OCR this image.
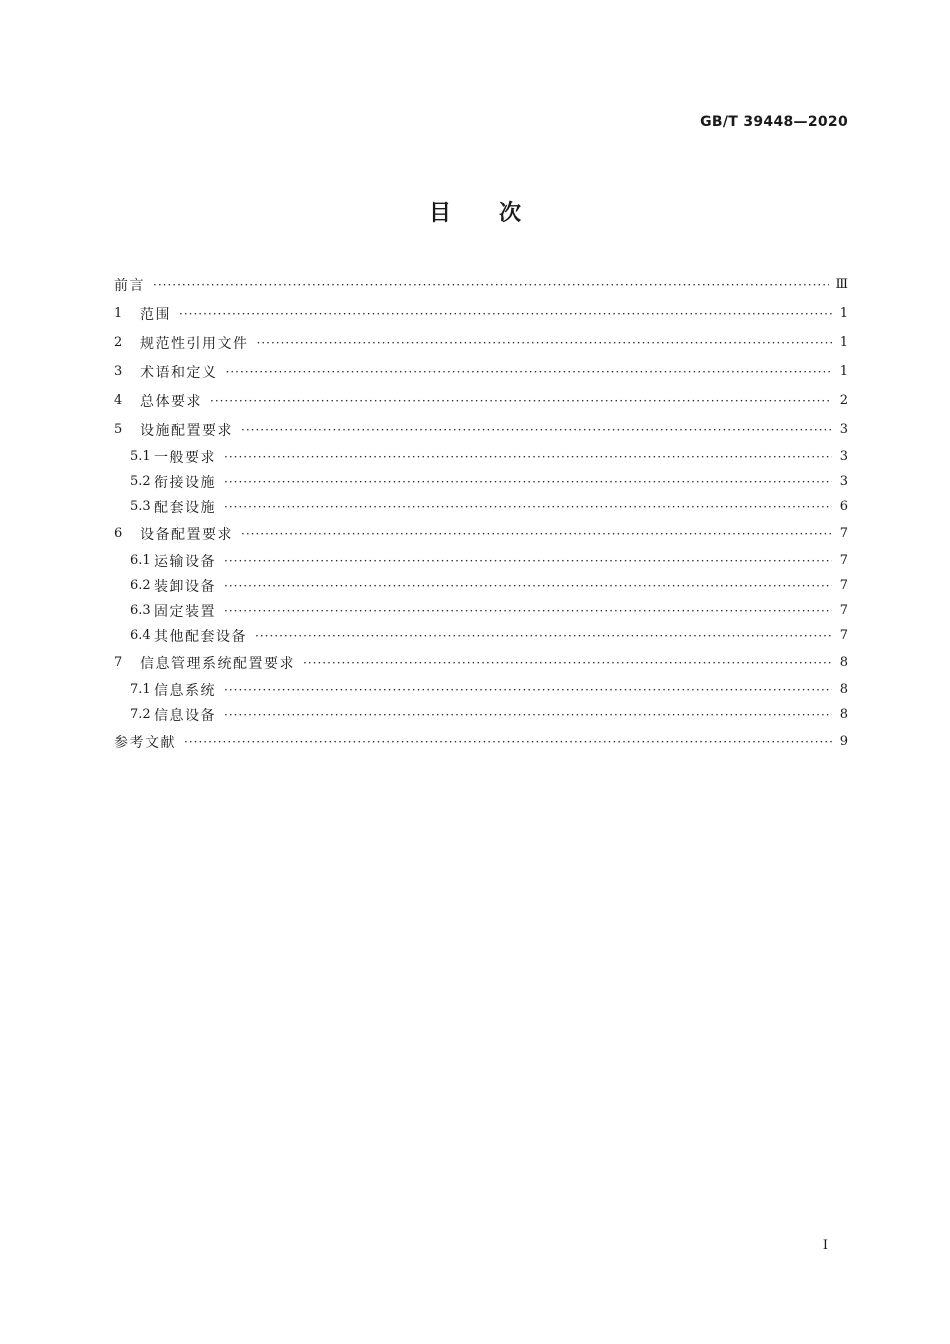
GB/T 39448—2020
目次
前言 ·····	Ⅲ
1	范围 ·····	1
2	规范性引用文件 ·····	1
3	术语和定义 ·····	1
4	总体要求 ·····	2
5	设施配置要求 ·····	3
5.1 一般要求 ·····	3
5.2 衔接设施 ·····	3
5.3 配套设施 ·····	6
6	设备配置要求 ·····	7
6.1 运输设备 ·····	7
6.2 装卸设备 ·····	7
6.3 固定装置 ·····	7
6.4 其他配套设备 ·····	7
7	信息管理系统配置要求 ·····	8
7.1 信息系统 ·····	8
7.2 信息设备 ·····	8
参考文献 ·····	9
I
